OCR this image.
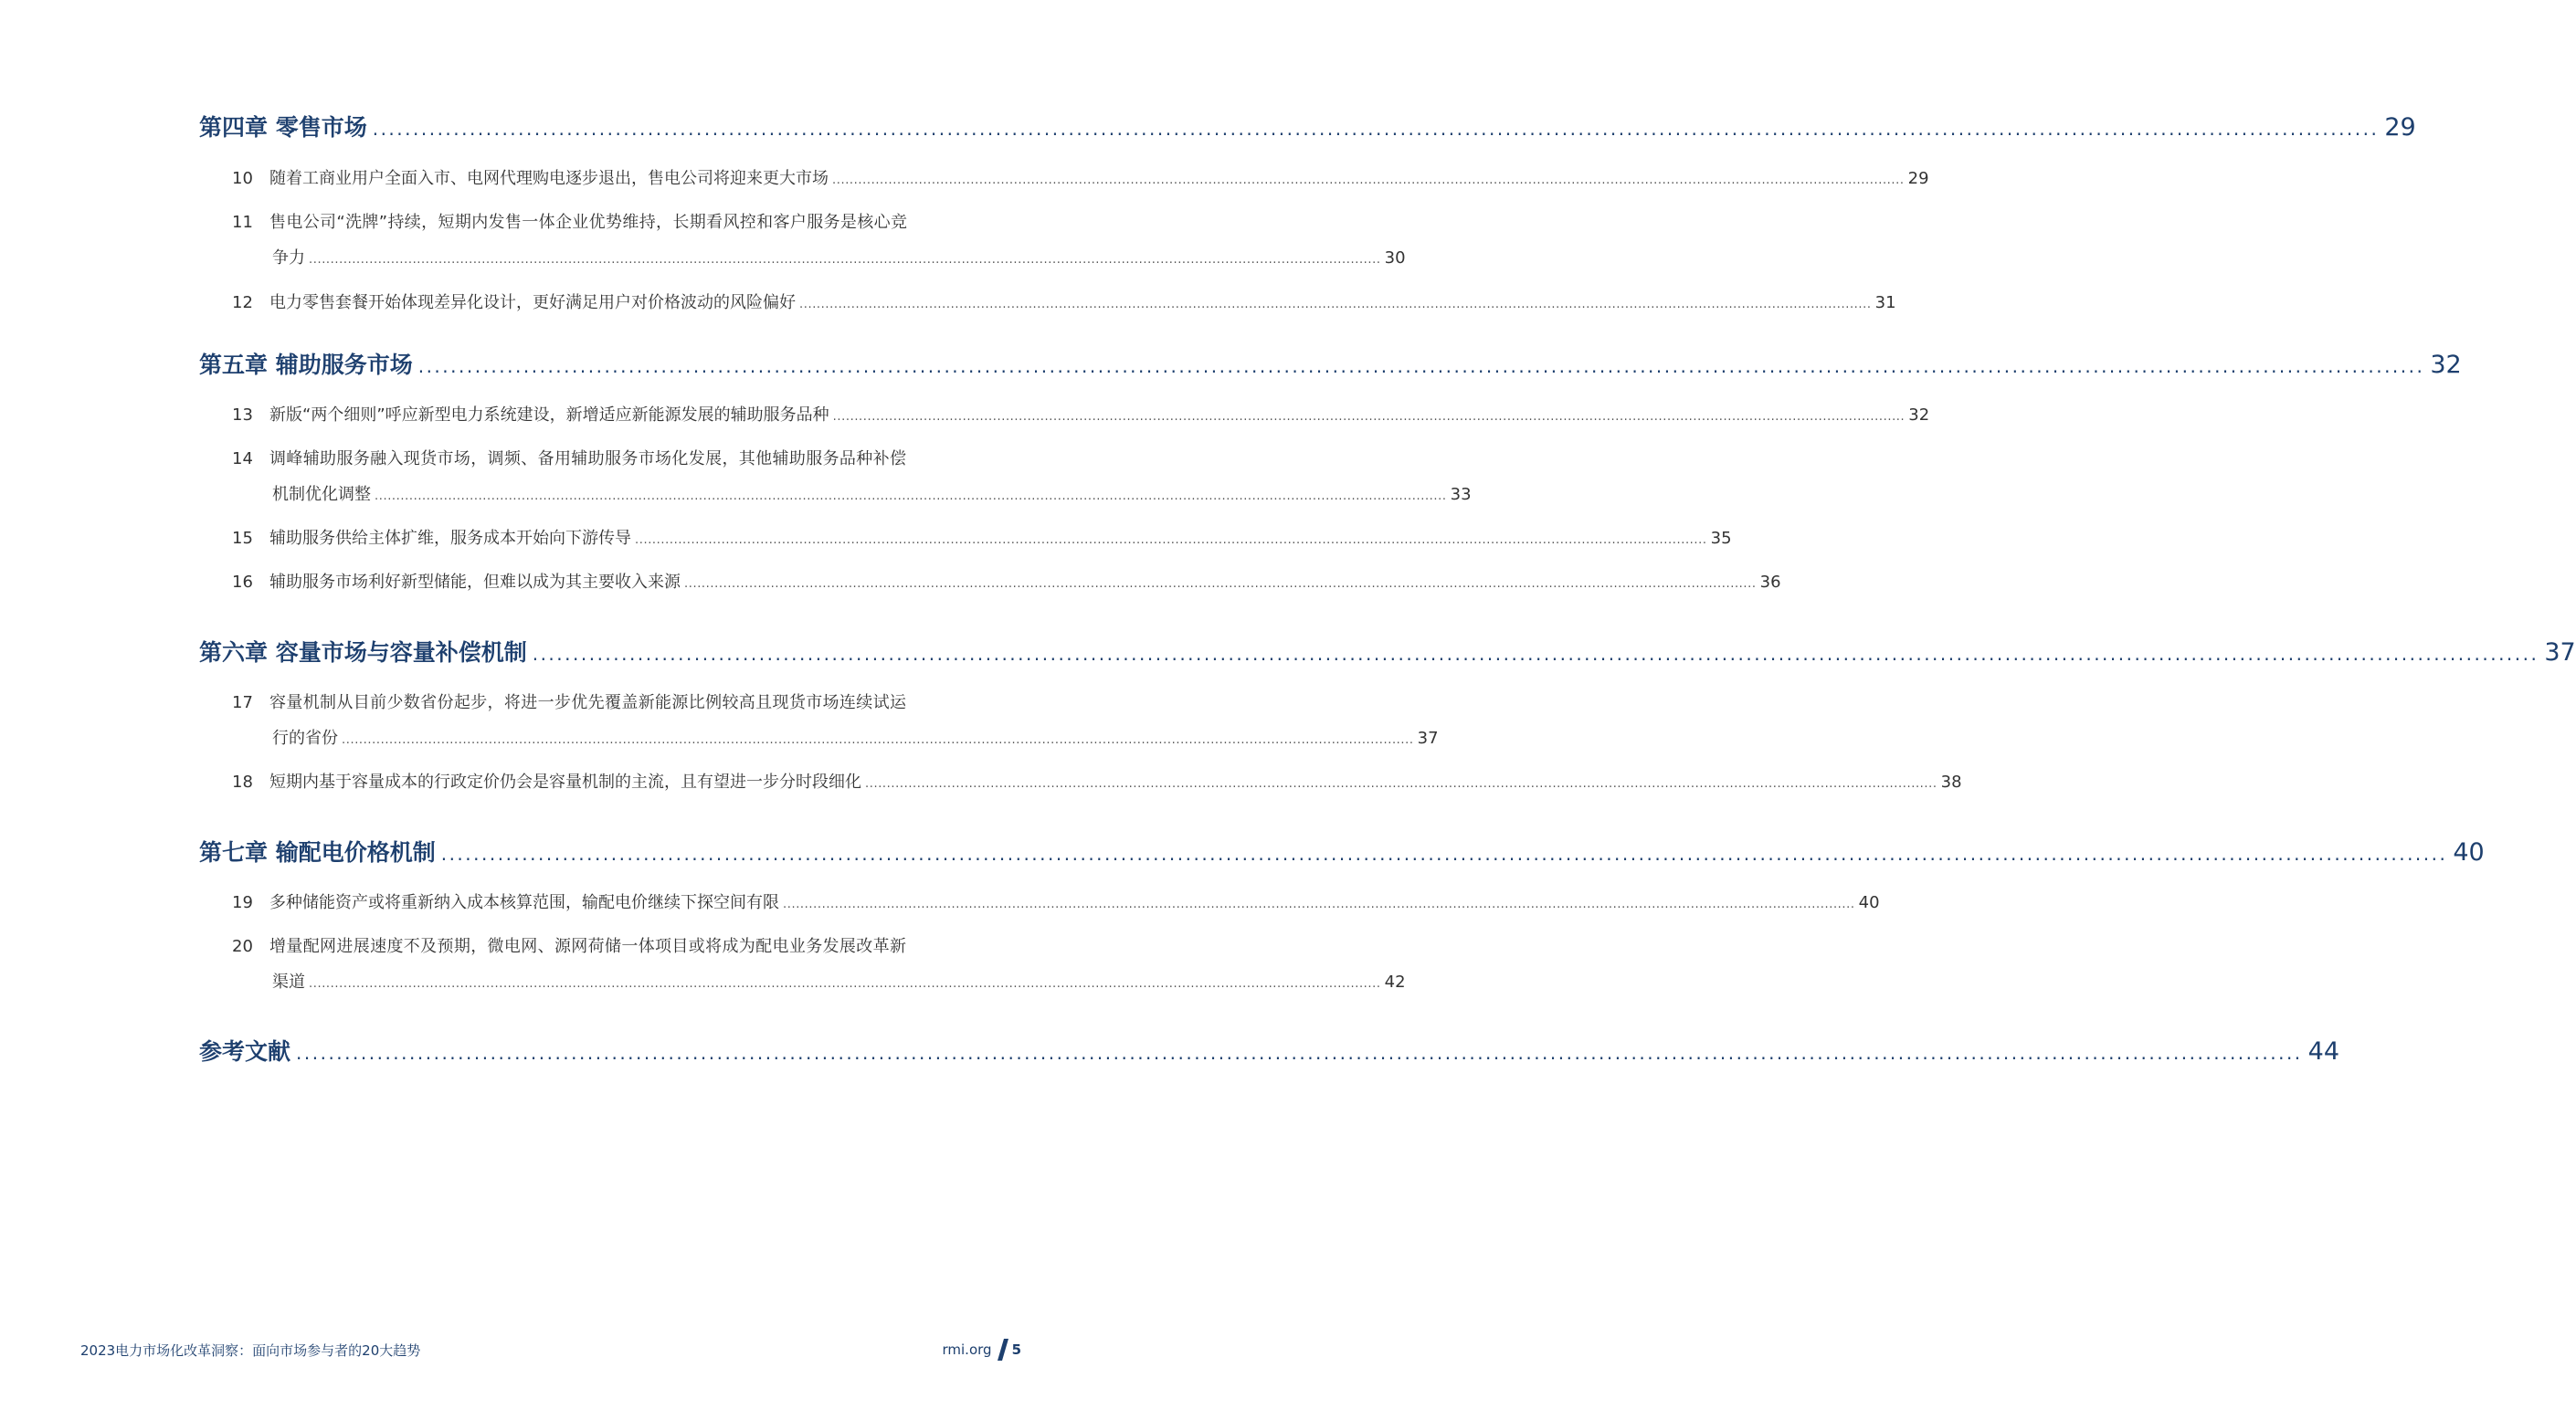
第四章 零售市场 ........................................................................................................................................................................................................................................................ 29
10	随着工商业用户全面入市、电网代理购电逐步退出，售电公司将迎来更大市场 ........................................................................................................................................................................................................................................................ 29
11	售电公司“洗牌”持续，短期内发售一体企业优势维持，长期看风控和客户服务是核心竞
争力 ........................................................................................................................................................................................................................................................ 30
12	电力零售套餐开始体现差异化设计，更好满足用户对价格波动的风险偏好 ........................................................................................................................................................................................................................................................ 31
第五章 辅助服务市场 ........................................................................................................................................................................................................................................................ 32
13	新版“两个细则”呼应新型电力系统建设，新增适应新能源发展的辅助服务品种 ........................................................................................................................................................................................................................................................ 32
14	调峰辅助服务融入现货市场，调频、备用辅助服务市场化发展，其他辅助服务品种补偿
机制优化调整 ........................................................................................................................................................................................................................................................ 33
15	辅助服务供给主体扩维，服务成本开始向下游传导 ........................................................................................................................................................................................................................................................ 35
16	辅助服务市场利好新型储能，但难以成为其主要收入来源 ........................................................................................................................................................................................................................................................ 36
第六章 容量市场与容量补偿机制 ........................................................................................................................................................................................................................................................ 37
17	容量机制从目前少数省份起步，将进一步优先覆盖新能源比例较高且现货市场连续试运
行的省份 ........................................................................................................................................................................................................................................................ 37
18	短期内基于容量成本的行政定价仍会是容量机制的主流，且有望进一步分时段细化 ........................................................................................................................................................................................................................................................ 38
第七章 输配电价格机制 ........................................................................................................................................................................................................................................................ 40
19	多种储能资产或将重新纳入成本核算范围，输配电价继续下探空间有限 ........................................................................................................................................................................................................................................................ 40
20	增量配网进展速度不及预期，微电网、源网荷储一体项目或将成为配电业务发展改革新
渠道 ........................................................................................................................................................................................................................................................ 42
参考文献 ........................................................................................................................................................................................................................................................ 44
2023电力市场化改革洞察：面向市场参与者的20大趋势	rmi.org 5
